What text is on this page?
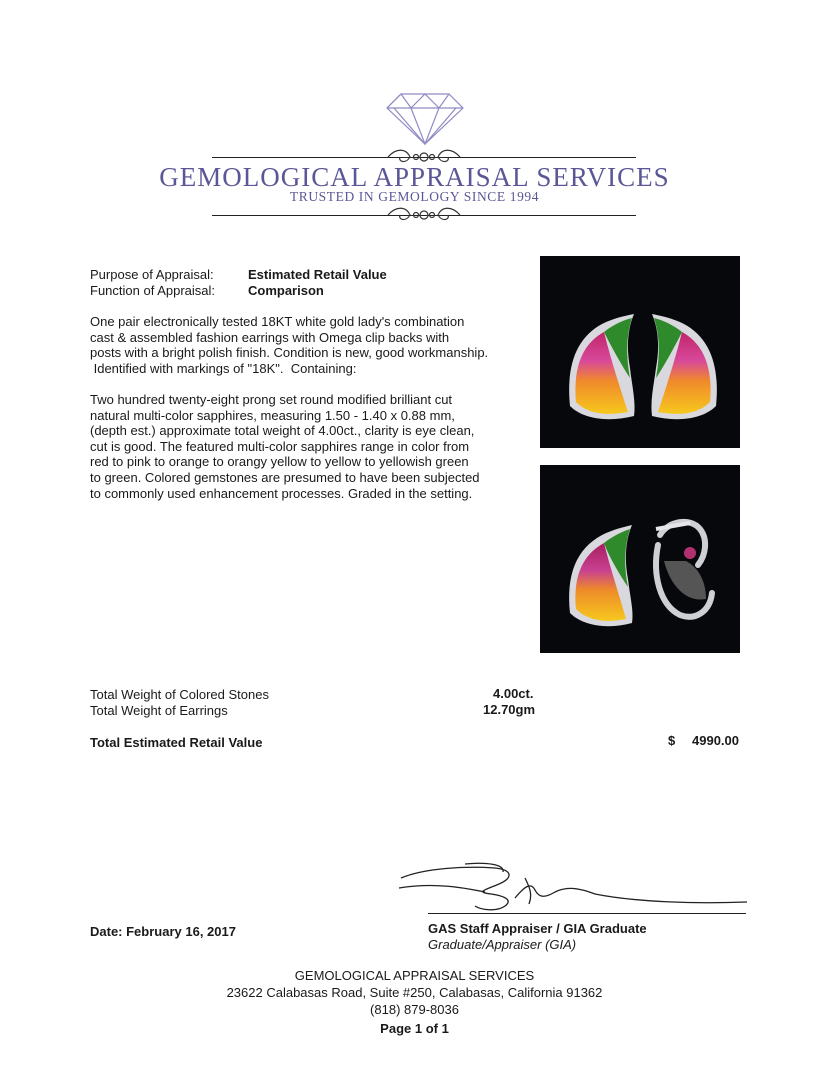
GEMOLOGICAL APPRAISAL SERVICES
TRUSTED IN GEMOLOGY SINCE 1994
Purpose of Appraisal:	Estimated Retail Value
Function of Appraisal:	Comparison
One pair electronically tested 18KT white gold lady's combination
cast & assembled fashion earrings with Omega clip backs with
posts with a bright polish finish. Condition is new, good workmanship.
Identified with markings of "18K".  Containing:
Two hundred twenty-eight prong set round modified brilliant cut
natural multi-color sapphires, measuring 1.50 - 1.40 x 0.88 mm,
(depth est.) approximate total weight of 4.00ct., clarity is eye clean,
cut is good. The featured multi-color sapphires range in color from
red to pink to orange to orangy yellow to yellow to yellowish green
to green. Colored gemstones are presumed to have been subjected
to commonly used enhancement processes. Graded in the setting.
Total Weight of Colored Stones	4.00ct.
Total Weight of Earrings	12.70gm
Total Estimated Retail Value	$ 4990.00
GAS Staff Appraiser / GIA Graduate
Graduate/Appraiser (GIA)
Date: February 16, 2017
GEMOLOGICAL APPRAISAL SERVICES
23622 Calabasas Road, Suite #250, Calabasas, California 91362
(818) 879-8036
Page 1 of 1
